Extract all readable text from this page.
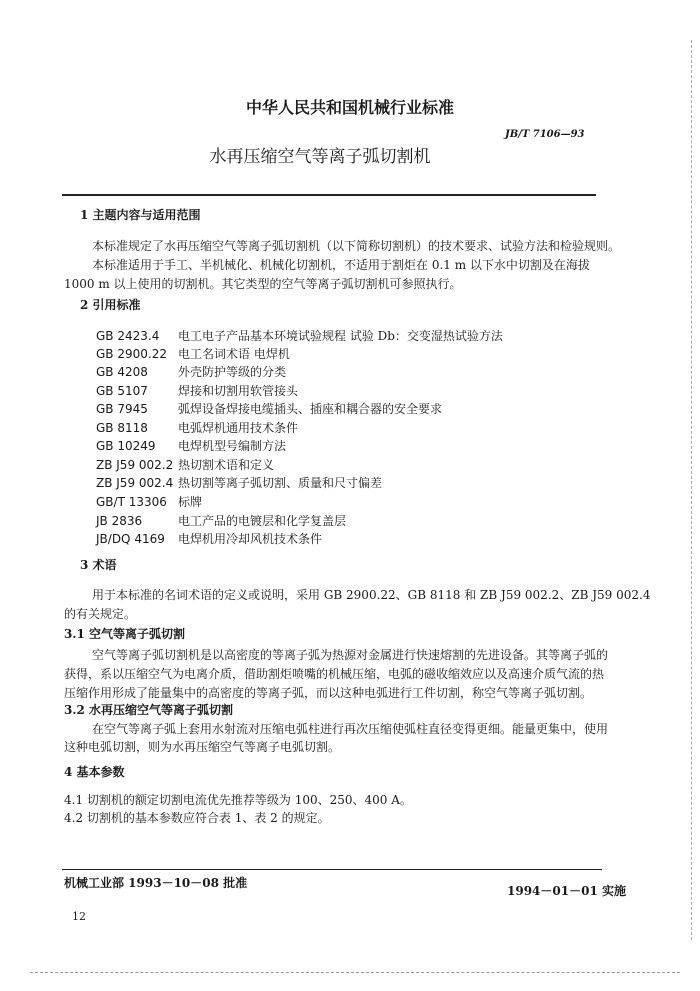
中华人民共和国机械行业标准
JB/T 7106—93
水再压缩空气等离子弧切割机
1 主题内容与适用范围
本标准规定了水再压缩空气等离子弧切割机（以下简称切割机）的技术要求、试验方法和检验规则。
本标准适用于手工、半机械化、机械化切割机，不适用于割炬在 0.1 m 以下水中切割及在海拔
1000 m 以上使用的切割机。其它类型的空气等离子弧切割机可参照执行。
2 引用标准
GB 2423.4 电工电子产品基本环境试验规程 试验 Db：交变湿热试验方法
GB 2900.22 电工名词术语 电焊机
GB 4208	外壳防护等级的分类
GB 5107	焊接和切割用软管接头
GB 7945	弧焊设备焊接电缆插头、插座和耦合器的安全要求
GB 8118	电弧焊机通用技术条件
GB 10249 电焊机型号编制方法
ZB J59 002.2 热切割术语和定义
ZB J59 002.4 热切割等离子弧切割、质量和尺寸偏差
GB/T 13306 标牌
JB 2836	电工产品的电镀层和化学复盖层
JB/DQ 4169 电焊机用冷却风机技术条件
3 术语
用于本标准的名词术语的定义或说明，采用 GB 2900.22、GB 8118 和 ZB J59 002.2、ZB J59 002.4
的有关规定。
3.1 空气等离子弧切割
空气等离子弧切割机是以高密度的等离子弧为热源对金属进行快速熔割的先进设备。其等离子弧的
获得，系以压缩空气为电离介质，借助割炬喷嘴的机械压缩，电弧的磁收缩效应以及高速介质气流的热
压缩作用形成了能量集中的高密度的等离子弧，而以这种电弧进行工件切割，称空气等离子弧切割。
3.2 水再压缩空气等离子弧切割
在空气等离子弧上套用水射流对压缩电弧柱进行再次压缩使弧柱直径变得更细。能量更集中，使用
这种电弧切割，则为水再压缩空气等离子电弧切割。
4 基本参数
4.1 切割机的额定切割电流优先推荐等级为 100、250、400 A。
4.2 切割机的基本参数应符合表 1、表 2 的规定。
机械工业部 1993－10－08 批准
1994－01－01 实施
12
